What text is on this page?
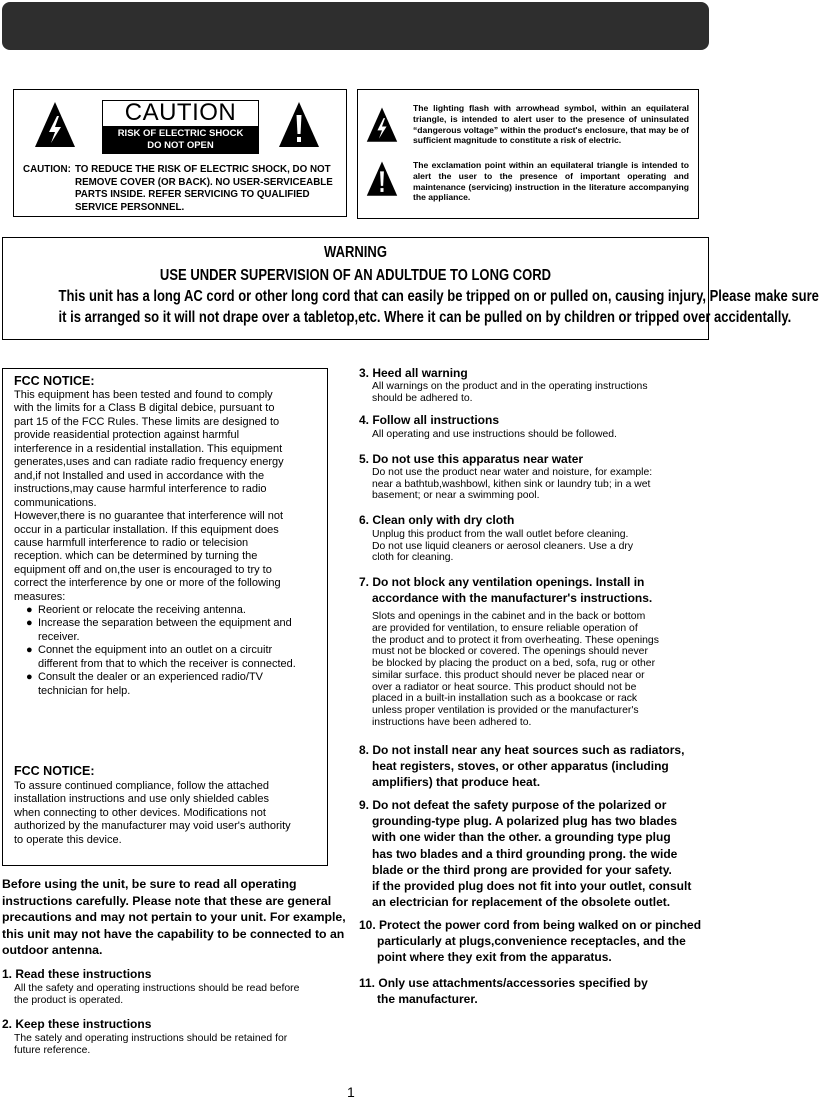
CAUTION
RISK OF ELECTRIC SHOCK
DO NOT OPEN
CAUTION: TO REDUCE THE RISK OF ELECTRIC SHOCK, DO NOT
REMOVE COVER (OR BACK). NO USER-SERVICEABLE
PARTS INSIDE. REFER SERVICING TO QUALIFIED
SERVICE PERSONNEL.
The lighting flash with arrowhead symbol, within an equilateral triangle, is intended to alert user to the presence of uninsulated “dangerous voltage” within the product's enclosure, that may be of sufficient magnitude to constitute a risk of electric.
The exclamation point within an equilateral triangle is intended to alert the user to the presence of important operating and maintenance (servicing) instruction in the literature accompanying the appliance.
WARNING
USE UNDER SUPERVISION OF AN ADULTDUE TO LONG CORD
This unit has a long AC cord or other long cord that can easily be tripped on or pulled on, causing injury, Please make sure
it is arranged so it will not drape over a tabletop,etc. Where it can be pulled on by children or tripped over accidentally.
FCC NOTICE:
This equipment has been tested and found to comply
with the limits for a Class B digital debice, pursuant to
part 15 of the FCC Rules. These limits are designed to
provide reasidential protection against harmful
interference in a residential installation. This equipment
generates,uses and can radiate radio frequency energy
and,if not Installed and used in accordance with the
instructions,may cause harmful interference to radio
communications.
However,there is no guarantee that interference will not
occur in a particular installation. If this equipment does
cause harmfull interference to radio or telecision
reception. which can be determined by turning the
equipment off and on,the user is encouraged to try to
correct the interference by one or more of the following
measures:
● Reorient or relocate the receiving antenna.
● Increase the separation between the equipment and
receiver.
● Connet the equipment into an outlet on a circuitr
different from that to which the receiver is connected.
● Consult the dealer or an experienced radio/TV
technician for help.
FCC NOTICE:
To assure continued compliance, follow the attached
installation instructions and use only shielded cables
when connecting to other devices. Modifications not
authorized by the manufacturer may void user's authority
to operate this device.
Before using the unit, be sure to read all operating
instructions carefully. Please note that these are general
precautions and may not pertain to your unit. For example,
this unit may not have the capability to be connected to an
outdoor antenna.
1. Read these instructions
All the safety and operating instructions should be read before
the product is operated.
2. Keep these instructions
The sately and operating instructions should be retained for
future reference.
3. Heed all warning
All warnings on the product and in the operating instructions
should be adhered to.
4. Follow all instructions
All operating and use instructions should be followed.
5. Do not use this apparatus near water
Do not use the product near water and noisture, for example:
near a bathtub,washbowl, kithen sink or laundry tub; in a wet
basement; or near a swimming pool.
6. Clean only with dry cloth
Unplug this product from the wall outlet before cleaning.
Do not use liquid cleaners or aerosol cleaners. Use a dry
cloth for cleaning.
7. Do not block any ventilation openings. Install in
accordance with the manufacturer's instructions.
Slots and openings in the cabinet and in the back or bottom
are provided for ventilation, to ensure reliable operation of
the product and to protect it from overheating. These openings
must not be blocked or covered. The openings should never
be blocked by placing the product on a bed, sofa, rug or other
similar surface. this product should never be placed near or
over a radiator or heat source. This product should not be
placed in a built-in installation such as a bookcase or rack
unless proper ventilation is provided or the manufacturer's
instructions have been adhered to.
8. Do not install near any heat sources such as radiators,
heat registers, stoves, or other apparatus (including
amplifiers) that produce heat.
9. Do not defeat the safety purpose of the polarized or
grounding-type plug. A polarized plug has two blades
with one wider than the other. a grounding type plug
has two blades and a third grounding prong. the wide
blade or the third prong are provided for your safety.
if the provided plug does not fit into your outlet, consult
an electrician for replacement of the obsolete outlet.
10. Protect the power cord from being walked on or pinched
particularly at plugs,convenience receptacles, and the
point where they exit from the apparatus.
11. Only use attachments/accessories specified by
the manufacturer.
1
